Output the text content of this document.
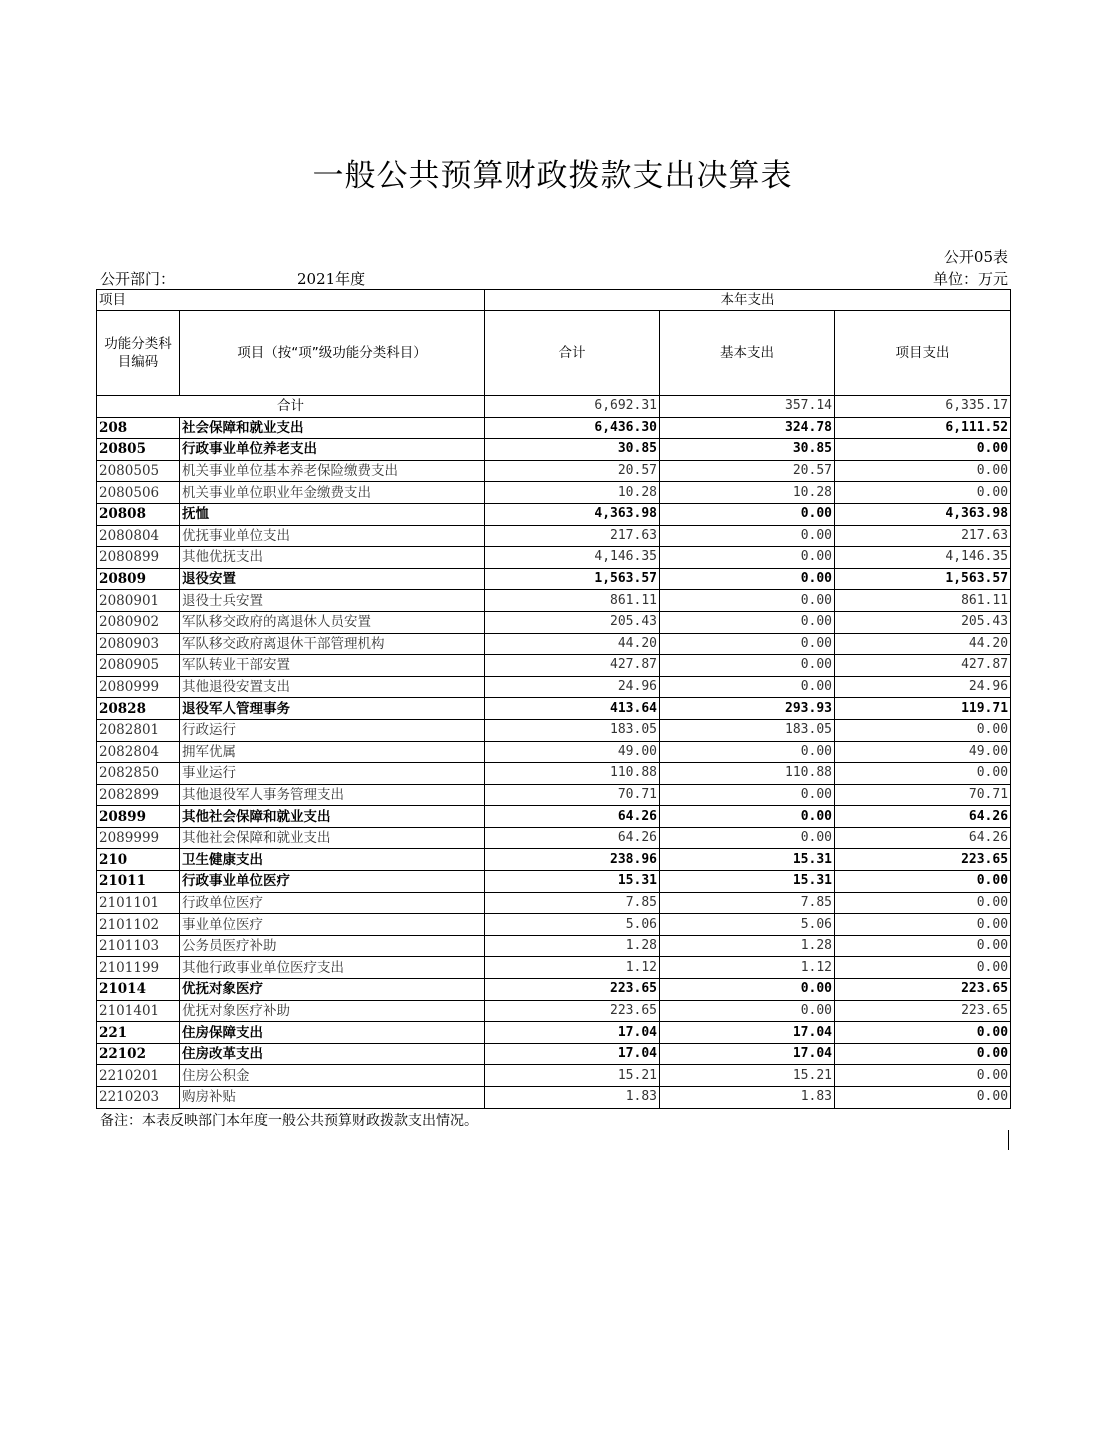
一般公共预算财政拨款支出决算表
公开05表
公开部门：	2021年度	单位：万元
项目		本年支出		
功能分类科目编码	项目（按“项”级功能分类科目）	合计	基本支出	项目支出
合计		6,692.31	357.14	6,335.17
208	社会保障和就业支出	6,436.30	324.78	6,111.52
20805	行政事业单位养老支出	30.85	30.85	0.00
2080505	机关事业单位基本养老保险缴费支出	20.57	20.57	0.00
2080506	机关事业单位职业年金缴费支出	10.28	10.28	0.00
20808	抚恤	4,363.98	0.00	4,363.98
2080804	优抚事业单位支出	217.63	0.00	217.63
2080899	其他优抚支出	4,146.35	0.00	4,146.35
20809	退役安置	1,563.57	0.00	1,563.57
2080901	退役士兵安置	861.11	0.00	861.11
2080902	军队移交政府的离退休人员安置	205.43	0.00	205.43
2080903	军队移交政府离退休干部管理机构	44.20	0.00	44.20
2080905	军队转业干部安置	427.87	0.00	427.87
2080999	其他退役安置支出	24.96	0.00	24.96
20828	退役军人管理事务	413.64	293.93	119.71
2082801	行政运行	183.05	183.05	0.00
2082804	拥军优属	49.00	0.00	49.00
2082850	事业运行	110.88	110.88	0.00
2082899	其他退役军人事务管理支出	70.71	0.00	70.71
20899	其他社会保障和就业支出	64.26	0.00	64.26
2089999	其他社会保障和就业支出	64.26	0.00	64.26
210	卫生健康支出	238.96	15.31	223.65
21011	行政事业单位医疗	15.31	15.31	0.00
2101101	行政单位医疗	7.85	7.85	0.00
2101102	事业单位医疗	5.06	5.06	0.00
2101103	公务员医疗补助	1.28	1.28	0.00
2101199	其他行政事业单位医疗支出	1.12	1.12	0.00
21014	优抚对象医疗	223.65	0.00	223.65
2101401	优抚对象医疗补助	223.65	0.00	223.65
221	住房保障支出	17.04	17.04	0.00
22102	住房改革支出	17.04	17.04	0.00
2210201	住房公积金	15.21	15.21	0.00
2210203	购房补贴	1.83	1.83	0.00
备注：本表反映部门本年度一般公共预算财政拨款支出情况。
